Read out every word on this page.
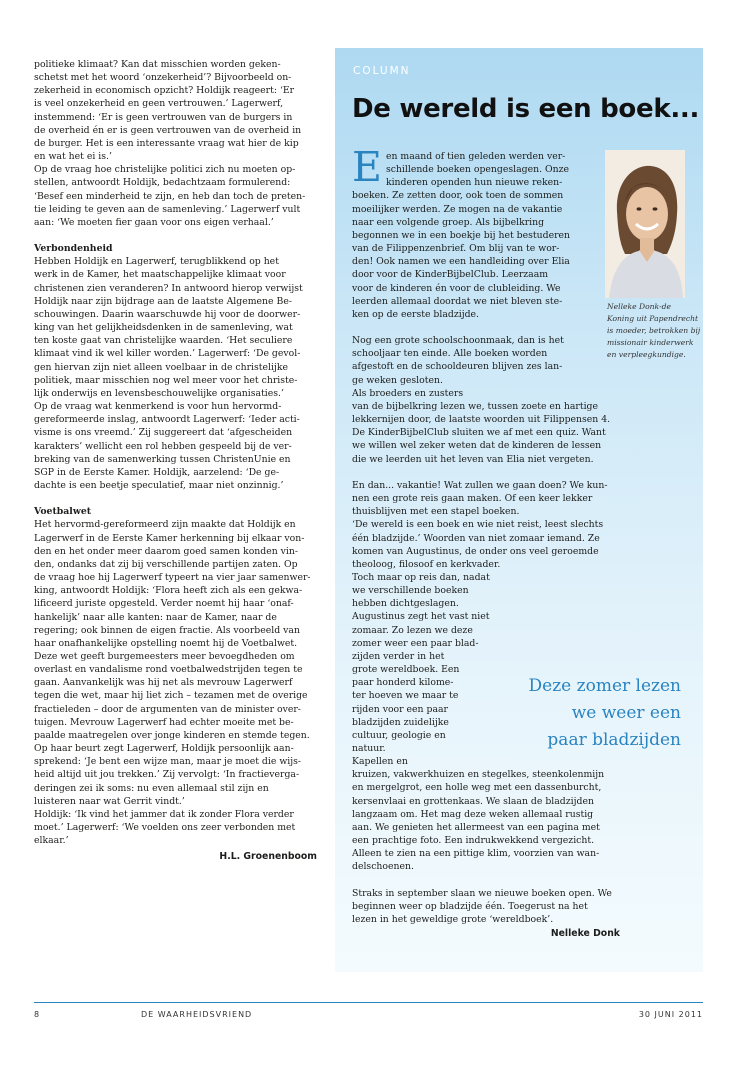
politieke klimaat? Kan dat misschien worden geken-
schetst met het woord ‘onzekerheid’? Bijvoorbeeld on-
zekerheid in economisch opzicht? Holdijk reageert: ‘Er
is veel onzekerheid en geen vertrouwen.’ Lagerwerf,
instemmend: ‘Er is geen vertrouwen van de burgers in
de overheid én er is geen vertrouwen van de overheid in
de burger. Het is een interessante vraag wat hier de kip
en wat het ei is.’

Op de vraag hoe christelijke politici zich nu moeten op-
stellen, antwoordt Holdijk, bedachtzaam formulerend:
‘Besef een minderheid te zijn, en heb dan toch de preten-
tie leiding te geven aan de samenleving.’ Lagerwerf vult
aan: ‘We moeten fier gaan voor ons eigen verhaal.’

Verbondenheid

Hebben Holdijk en Lagerwerf, terugblikkend op het
werk in de Kamer, het maatschappelijke klimaat voor
christenen zien veranderen? In antwoord hierop verwijst
Holdijk naar zijn bijdrage aan de laatste Algemene Be-
schouwingen. Daarin waarschuwde hij voor de doorwer-
king van het gelijkheidsdenken in de samenleving, wat
ten koste gaat van christelijke waarden. ‘Het seculiere
klimaat vind ik wel killer worden.’ Lagerwerf: ‘De gevol-
gen hiervan zijn niet alleen voelbaar in de christelijke
politiek, maar misschien nog wel meer voor het christe-
lijk onderwijs en levensbeschouwelijke organisaties.’

Op de vraag wat kenmerkend is voor hun hervormd-
gereformeerde inslag, antwoordt Lagerwerf: ‘Ieder acti-
visme is ons vreemd.’ Zij suggereert dat ‘afgescheiden
karakters’ wellicht een rol hebben gespeeld bij de ver-
breking van de samenwerking tussen ChristenUnie en
SGP in de Eerste Kamer. Holdijk, aarzelend: ‘De ge-
dachte is een beetje speculatief, maar niet onzinnig.’

Voetbalwet

Het hervormd-gereformeerd zijn maakte dat Holdijk en
Lagerwerf in de Eerste Kamer herkenning bij elkaar von-
den en het onder meer daarom goed samen konden vin-
den, ondanks dat zij bij verschillende partijen zaten. Op
de vraag hoe hij Lagerwerf typeert na vier jaar samenwer-
king, antwoordt Holdijk: ‘Flora heeft zich als een gekwa-
lificeerd juriste opgesteld. Verder noemt hij haar ‘onaf-
hankelijk’ naar alle kanten: naar de Kamer, naar de
regering; ook binnen de eigen fractie. Als voorbeeld van
haar onafhankelijke opstelling noemt hij de Voetbalwet.
Deze wet geeft burgemeesters meer bevoegdheden om
overlast en vandalisme rond voetbalwedstrijden tegen te
gaan. Aanvankelijk was hij net als mevrouw Lagerwerf
tegen die wet, maar hij liet zich – tezamen met de overige
fractieleden – door de argumenten van de minister over-
tuigen. Mevrouw Lagerwerf had echter moeite met be-
paalde maatregelen over jonge kinderen en stemde tegen.
Op haar beurt zegt Lagerwerf, Holdijk persoonlijk aan-
sprekend: ‘Je bent een wijze man, maar je moet die wijs-
heid altijd uit jou trekken.’ Zij vervolgt: ‘In fractieverga-
deringen zei ik soms: nu even allemaal stil zijn en
luisteren naar wat Gerrit vindt.’

Holdijk: ‘Ik vind het jammer dat ik zonder Flora verder
moet.’ Lagerwerf: ‘We voelden ons zeer verbonden met
elkaar.’

H.L. Groenenboom
COLUMN
De wereld is een boek...
Nelleke Donk-de
Koning uit Papendrecht
is moeder, betrokken bij
missionair kinderwerk
en verpleegkundige.
E en maand of tien geleden werden ver-
schillende boeken opengeslagen. Onze
kinderen openden hun nieuwe reken-
boeken. Ze zetten door, ook toen de sommen
moeilijker werden. Ze mogen na de vakantie
naar een volgende groep. Als bijbelkring
begonnen we in een boekje bij het bestuderen
van de Filippenzenbrief. Om blij van te wor-
den! Ook namen we een handleiding over Elia
door voor de KinderBijbelClub. Leerzaam
voor de kinderen én voor de clubleiding. We
leerden allemaal doordat we niet bleven ste-
ken op de eerste bladzijde.

Nog een grote schoolschoonmaak, dan is het
schooljaar ten einde. Alle boeken worden
afgestoft en de schooldeuren blijven zes lan-
ge weken gesloten.

Als broeders en zusters
van de bijbelkring lezen we, tussen zoete en hartige
lekkernijen door, de laatste woorden uit Filippensen 4.
De KinderBijbelClub sluiten we af met een quiz. Want
we willen wel zeker weten dat de kinderen de lessen
die we leerden uit het leven van Elia niet vergeten.

En dan... vakantie! Wat zullen we gaan doen? We kun-
nen een grote reis gaan maken. Of een keer lekker
thuisblijven met een stapel boeken.

‘De wereld is een boek en wie niet reist, leest slechts
één bladzijde.’ Woorden van niet zomaar iemand. Ze
komen van Augustinus, de onder ons veel geroemde
theoloog, filosoof en kerkvader.

Toch maar op reis dan, nadat we verschillende boeken
hebben dichtgeslagen. Augustinus zegt het vast niet
zomaar. Zo lezen we deze zomer weer een paar blad-
zijden verder in het
grote wereldboek. Een
paar honderd kilome-
ter hoeven we maar te
rijden voor een paar
bladzijden zuidelijke
cultuur, geologie en
natuur.

Kapellen en
kruizen, vakwerkhuizen en stegelkes, steenkolenmijn
en mergelgrot, een holle weg met een dassenburcht,
kersenvlaai en grottenkaas. We slaan de bladzijden
langzaam om. Het mag deze weken allemaal rustig
aan. We genieten het allermeest van een pagina met
een prachtige foto. Een indrukwekkend vergezicht.
Alleen te zien na een pittige klim, voorzien van wan-
delschoenen.

Straks in september slaan we nieuwe boeken open. We
beginnen weer op bladzijde één. Toegerust na het
lezen in het geweldige grote ‘wereldboek’.

Nelleke Donk
Deze zomer lezen
we weer een
paar bladzijden
8	DE WAARHEIDSVRIEND	30 JUNI 2011
